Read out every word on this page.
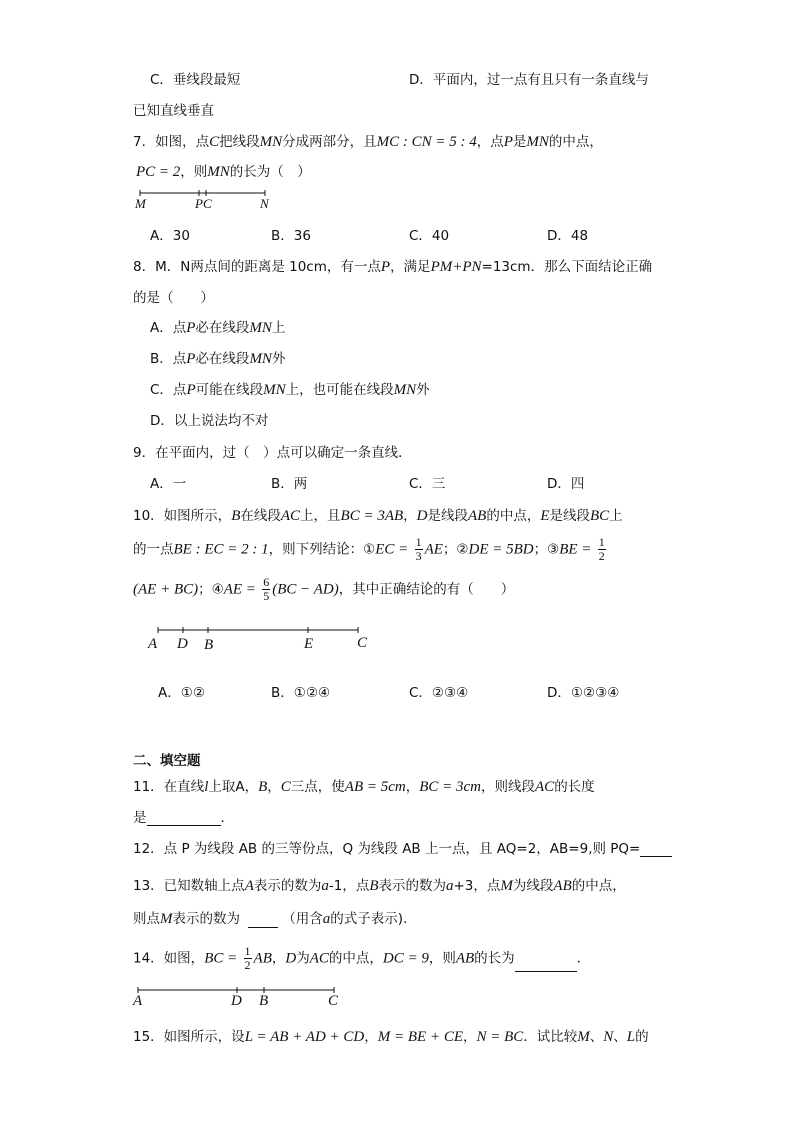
C．垂线段最短	D．平面内，过一点有且只有一条直线与
已知直线垂直
7．如图，点C把线段MN分成两部分，且MC : CN = 5 : 4，点P是MN的中点，
PC = 2，则MN的长为（　）
M	PC	N
A．30	B．36	C．40	D．48
8．M．N两点间的距离是 10cm，有一点P，满足PM+PN=13cm．那么下面结论正确
的是（　　）
A．点P必在线段MN上
B．点P必在线段MN外
C．点P可能在线段MN上，也可能在线段MN外
D．以上说法均不对
9．在平面内，过（　）点可以确定一条直线．
A．一	B．两	C．三	D．四
10．如图所示，B在线段AC上，且BC = 3AB，D是线段AB的中点，E是线段BC上
的一点BE : EC = 2 : 1，则下列结论：①EC = $\frac{1}{3}$ AE；②DE = 5BD；③BE = $\frac{1}{2}$
(AE + BC)；④AE = $\frac{6}{5} (BC - AD)$，其中正确结论的有（　　）
A D B	E	C
A．①②	B．①②④	C．②③④	D．①②③④
二、填空题
11．在直线l上取A，B，C三点，使AB = 5cm，BC = 3cm，则线段AC的长度
是	．
12．点 P 为线段 AB 的三等份点，Q 为线段 AB 上一点，且 AQ=2，AB=9,则 PQ=
13．已知数轴上点A表示的数为a-1，点B表示的数为a+3，点M为线段AB的中点，
则点M表示的数为	（用含a的式子表示)．
14．如图，BC = $\frac{1}{2}$ AB，D为AC的中点，DC = 9，则AB的长为	．
A	D B	C
15．如图所示，设L = AB + AD + CD，M = BE + CE，N = BC．试比较M、N、L的
